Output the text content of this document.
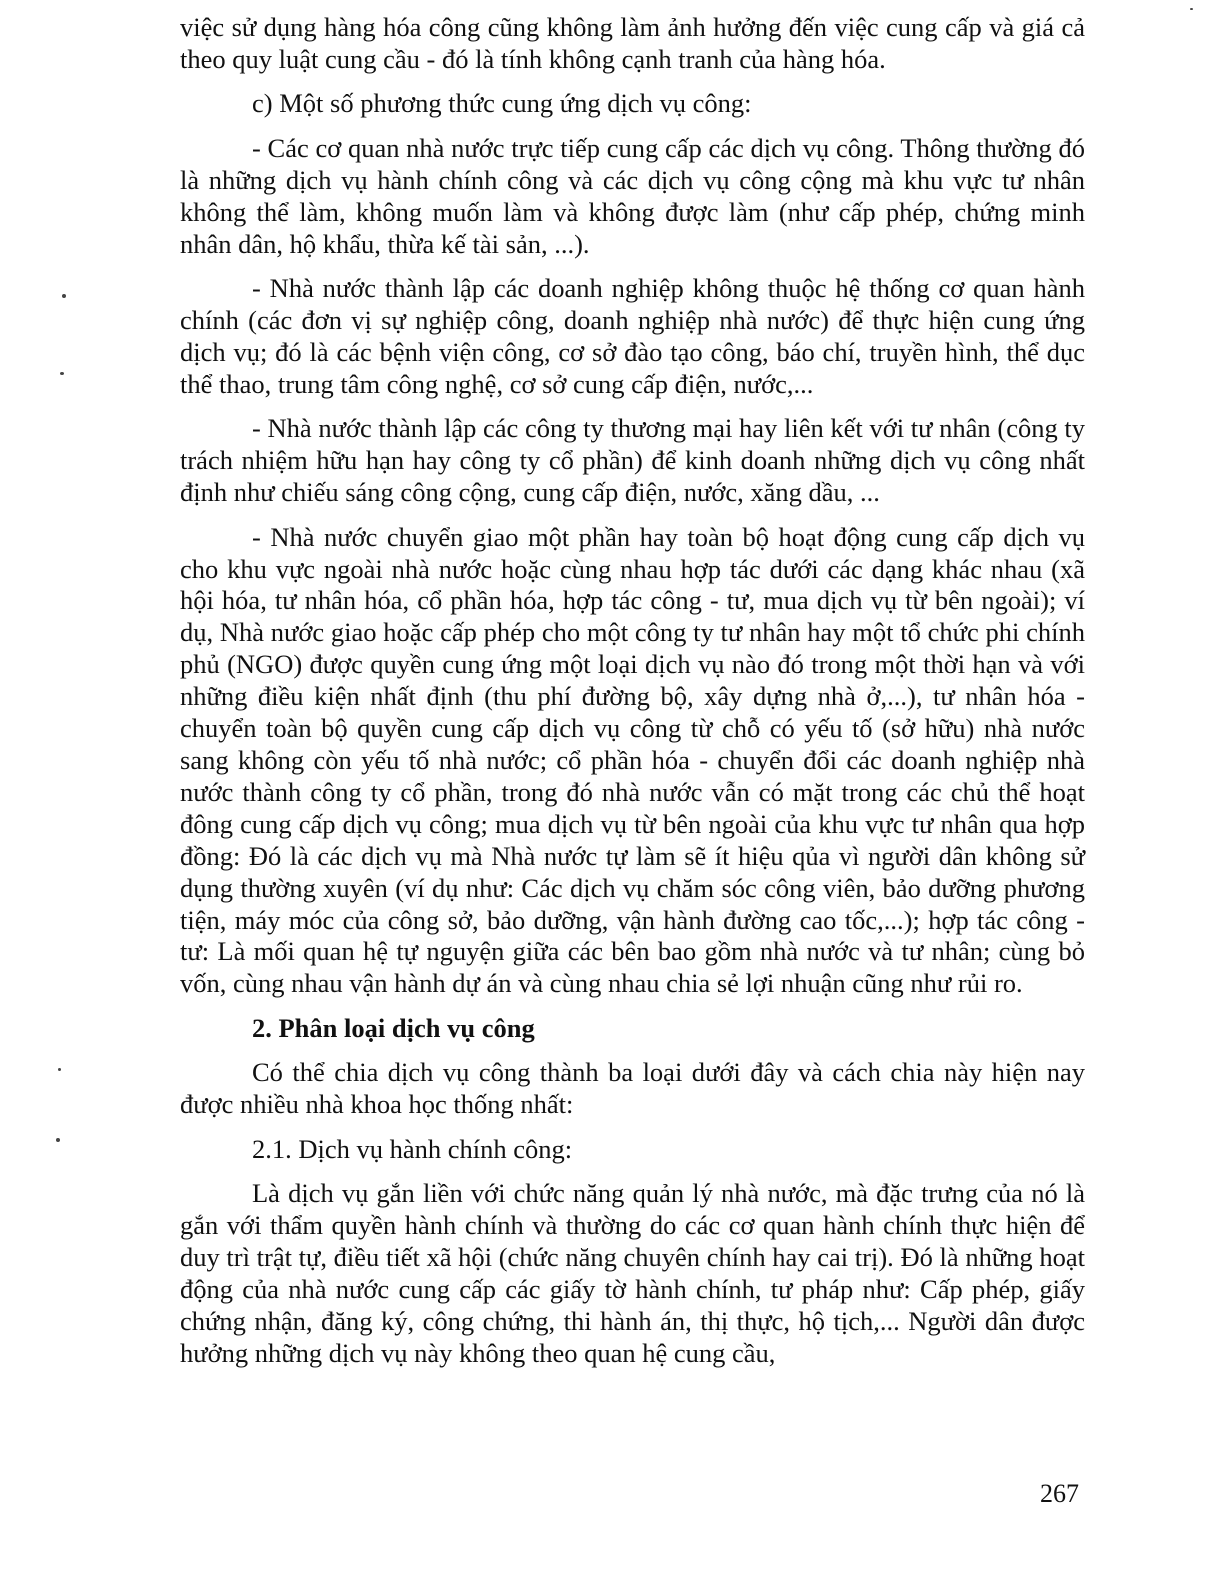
việc sử dụng hàng hóa công cũng không làm ảnh hưởng đến việc cung cấp và giá cả theo quy luật cung cầu - đó là tính không cạnh tranh của hàng hóa.

c) Một số phương thức cung ứng dịch vụ công:

- Các cơ quan nhà nước trực tiếp cung cấp các dịch vụ công. Thông thường đó là những dịch vụ hành chính công và các dịch vụ công cộng mà khu vực tư nhân không thể làm, không muốn làm và không được làm (như cấp phép, chứng minh nhân dân, hộ khẩu, thừa kế tài sản, ...).

- Nhà nước thành lập các doanh nghiệp không thuộc hệ thống cơ quan hành chính (các đơn vị sự nghiệp công, doanh nghiệp nhà nước) để thực hiện cung ứng dịch vụ; đó là các bệnh viện công, cơ sở đào tạo công, báo chí, truyền hình, thể dục thể thao, trung tâm công nghệ, cơ sở cung cấp điện, nước,...

- Nhà nước thành lập các công ty thương mại hay liên kết với tư nhân (công ty trách nhiệm hữu hạn hay công ty cổ phần) để kinh doanh những dịch vụ công nhất định như chiếu sáng công cộng, cung cấp điện, nước, xăng dầu, ...

- Nhà nước chuyển giao một phần hay toàn bộ hoạt động cung cấp dịch vụ cho khu vực ngoài nhà nước hoặc cùng nhau hợp tác dưới các dạng khác nhau (xã hội hóa, tư nhân hóa, cổ phần hóa, hợp tác công - tư, mua dịch vụ từ bên ngoài); ví dụ, Nhà nước giao hoặc cấp phép cho một công ty tư nhân hay một tổ chức phi chính phủ (NGO) được quyền cung ứng một loại dịch vụ nào đó trong một thời hạn và với những điều kiện nhất định (thu phí đường bộ, xây dựng nhà ở,...), tư nhân hóa - chuyển toàn bộ quyền cung cấp dịch vụ công từ chỗ có yếu tố (sở hữu) nhà nước sang không còn yếu tố nhà nước; cổ phần hóa - chuyển đổi các doanh nghiệp nhà nước thành công ty cổ phần, trong đó nhà nước vẫn có mặt trong các chủ thể hoạt đông cung cấp dịch vụ công; mua dịch vụ từ bên ngoài của khu vực tư nhân qua hợp đồng: Đó là các dịch vụ mà Nhà nước tự làm sẽ ít hiệu qủa vì người dân không sử dụng thường xuyên (ví dụ như: Các dịch vụ chăm sóc công viên, bảo dưỡng phương tiện, máy móc của công sở, bảo dưỡng, vận hành đường cao tốc,...); hợp tác công - tư: Là mối quan hệ tự nguyện giữa các bên bao gồm nhà nước và tư nhân; cùng bỏ vốn, cùng nhau vận hành dự án và cùng nhau chia sẻ lợi nhuận cũng như rủi ro.

2. Phân loại dịch vụ công

Có thể chia dịch vụ công thành ba loại dưới đây và cách chia này hiện nay được nhiều nhà khoa học thống nhất:

2.1. Dịch vụ hành chính công:

Là dịch vụ gắn liền với chức năng quản lý nhà nước, mà đặc trưng của nó là gắn với thẩm quyền hành chính và thường do các cơ quan hành chính thực hiện để duy trì trật tự, điều tiết xã hội (chức năng chuyên chính hay cai trị). Đó là những hoạt động của nhà nước cung cấp các giấy tờ hành chính, tư pháp như: Cấp phép, giấy chứng nhận, đăng ký, công chứng, thi hành án, thị thực, hộ tịch,... Người dân được hưởng những dịch vụ này không theo quan hệ cung cầu,

267
